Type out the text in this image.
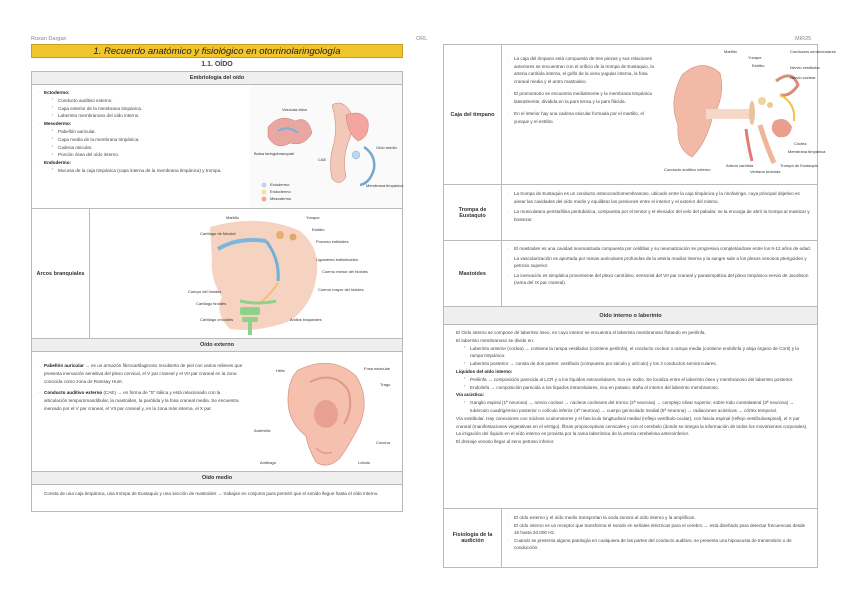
Ruxan Dargan	ORL	MIR25
1. Recuerdo anatómico y fisiológico en otorrinolaringología
1.1. OÍDO
Embriología del oído
· Ectodermo:
▪ Conducto auditivo externo.
▪ Capa exterior de la membrana timpánica.
▪ Laberinto membranoso del oído interno.
· Mesodermo:
▪ Pabellón auricular.
▪ Capa media de la membrana timpánica.
▪ Cadena osicular.
▪ Porción ósea del oído interno.
· Endodermo:
▪ Mucosa de la caja timpánica (capa interna de la membrana timpánica) y trompa.
Vesícula ótica
Bolsa faringobranquial
CAE
Oído medio
Membrana timpánica
Ectodermo
Endodermo
Mesodermo
Arcos branquiales
Martillo	Yunque
Cartílago de Meckel
Estribo
Proceso estiloides
Ligamento estilohioideo
Cuerno menor del hioides
Cuerpo del hioides	Cuerno mayor del hioides
Cartílago tiroides
Cartílago cricoides	Anillos traqueales
Oído externo
· Pabellón auricular → es un armazón fibrocartilaginoso recubierto de piel con varios relieves que presenta inervación sensitiva del plexo cervical, el V par craneal y el VII par craneal en la zona conocida como zona de Ramsay Hunt.
· Conducto auditivo externo (CAE) → en forma de "S" itálica y está relacionado con la articulación temporomandibular, la mastoides, la parótida y la fosa craneal media. Se encuentra inervado por el V par craneal, el VII par craneal y, en la zona más interna, el X par.
Hélix	Fosa navicular
Trago
Antehélix
Concha
Antitrago	Lóbulo
Oído medio
· Consta de una caja timpánica, una trompa de Eustaquio y una sección de mastoides → trabajan en conjunto para permitir que el sonido llegue hasta el oído interno.
Caja del tímpano
· La caja del tímpano está compuesta de tres piezas y sus relaciones anteriores se encuentran con el orificio de la trompa de Eustaquio, la arteria carótida interna, el golfo de la vena yugular interna, la fosa craneal media y el antro mastoideo.
· El promontorio se encuentra medialmente y la membrana timpánica lateralmente, dividida en la pars tensa y la pars flácida.
· En el interior hay una cadena osicular formada por el martillo, el yunque y el estribo.
Martillo
Yunque
Estribo
Conductos semicirculares
Nervio vestibular
Nervio coclear
Conducto auditivo externo
Arteria carótida
Ventana redonda
Trompa de Eustaquio
Cóclea
Membrana timpánica
Trompa de Eustaquio
· La trompa de Eustaquio es un conducto osteocondromembranoso, ubicado entre la caja timpánica y la rinofaringe, cuya principal objetivo es airear las cavidades del oído medio y equilibrar las presiones entre el interior y el exterior del mismo.
· La musculatura peristafilina peritubárica, compuesta por el tensor y el elevador del velo del paladar, se la encarga de abrir la trompa al masticar y bostezar.
Mastoides
· El mastoides es una cavidad neumatizada compuesta por celdillas y su neumatización se progresiva completándose entre los 6-12 años de edad.
· La vascularización es aportada por ramas auriculares profundas de la arteria maxilar interna y la sangre sale a los plexos venosos pterigoideo y petroso superior.
· La inervación es simpática proveniente del plexo carotídeo, sensorial del VII par craneal y parasimpática del plexo timpánico-nervio de Jacobson (rama del IX par craneal).
Oído interno o laberinto
· El Oído interno se compone de laberinto óseo, en cuyo interior se encuentra el laberinto membranoso flotando en perilinfa.
· El laberinto membranoso se divide en:
▪ Laberinto anterior (coclea) → contiene la rampa vestibular (contiene perilinfa), el conducto coclear o rampa media (contiene endolinfa y aloja órgano de Corti) y la rampa timpánica.
▪ Laberinto posterior → consta de dos partes: vestíbulo (compuesto por sáculo y utrículo) y los 3 conductos semicirculares.
· Líquidos del oído interno:
▪ Perilinfa → composición parecida al LCR y a los líquidos extracelulares, rica en sodio. Se localiza entre el laberinto óseo y membranoso del laberinto posterior.
▪ Endolinfa → composición parecida a los líquidos intracelulares, rica en potasio. Baña el interior del laberinto membranoso.
· Vía acústica:
▪ Ganglio espiral (1ª neurona) → nervio coclear → núcleos cocleares del tronco (2ª neurona) → complejo olivar superior, sobre todo contralateral (3ª neurona) → tubérculo cuadrigémino posterior o colículo inferior (4ª neurona) → cuerpo geniculado medial (5ª neurona) → radiaciones acústicas → córtex temporal.
· Vía vestibular. Hay conexiones con núcleos oculomotores y el fascículo longitudinal medial (reflejo vestíbulo-ocular), con fascia espinal (reflejo vestíbuloespinal), el X par craneal (manifestaciones vegetativas en el vértigo), fibras propioceptivas cervicales y con el cerebelo (donde se integra la información de todos los movimientos corporales).
· La irrigación del líquido en el oído interno es provista por la rama laberíntica de la arteria cerebelosa anteroinferior.
· El drenaje venoso llegar al seno petroso inferior.
Fisiología de la audición
· El oído externo y el oído medio transportan la onda sonora al oído interno y la amplifican.
· El oído interno es un receptor que transforma el sonido en señales eléctricas para el cerebro → está diseñado para detectar frecuencias desde 16 hasta 20.000 Hz.
· Cuando se presenta alguna patología en cualquiera de las partes del conducto auditivo, se presenta una hipoacusia de transmisión o de conducción.
